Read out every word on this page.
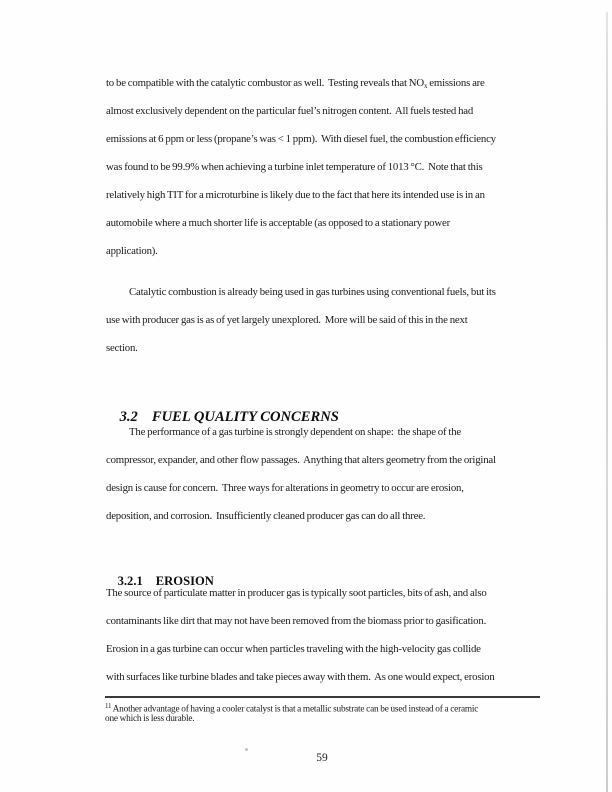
to be compatible with the catalytic combustor as well.  Testing reveals that $NO_x$ emissions are
almost exclusively dependent on the particular fuel’s nitrogen content.  All fuels tested had
emissions at 6 ppm or less (propane’s was < 1 ppm).  With diesel fuel, the combustion efficiency
was found to be 99.9% when achieving a turbine inlet temperature of 1013 °C.  Note that this
relatively high TIT for a microturbine is likely due to the fact that here its intended use is in an
automobile where a much shorter life is acceptable (as opposed to a stationary power
application).
Catalytic combustion is already being used in gas turbines using conventional fuels, but its
use with producer gas is as of yet largely unexplored.  More will be said of this in the next
section.

3.2 FUEL QUALITY CONCERNS

The performance of a gas turbine is strongly dependent on shape:  the shape of the
compressor, expander, and other flow passages.  Anything that alters geometry from the original
design is cause for concern.  Three ways for alterations in geometry to occur are erosion,
deposition, and corrosion.  Insufficiently cleaned producer gas can do all three.

3.2.1 EROSION

The source of particulate matter in producer gas is typically soot particles, bits of ash, and also
contaminants like dirt that may not have been removed from the biomass prior to gasification.
Erosion in a gas turbine can occur when particles traveling with the high-velocity gas collide
with surfaces like turbine blades and take pieces away with them.  As one would expect, erosion
$^{11}$ Another advantage of having a cooler catalyst is that a metallic substrate can be used instead of a ceramic
one which is less durable.
59
